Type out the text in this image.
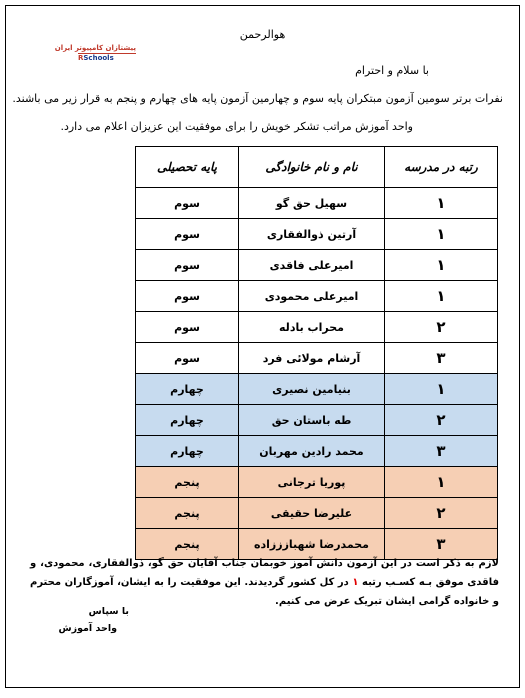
هوالرحمن
پیشتازان کامپیوتر ایران
RSchools
با سلام و احترام
نفرات برتر سومین آزمون مبتکران پایه سوم و چهارمین آزمون پایه های چهارم و پنجم به قرار زیر می باشند.
واحد آموزش مراتب تشکر خویش را برای موفقیت این عزیزان اعلام می دارد.
رتبه در مدرسه	نام و نام خانوادگی	پایه تحصیلی
۱	سهیل حق گو	سوم
۱	آرتین ذوالفقاری	سوم
۱	امیرعلی فاقدی	سوم
۱	امیرعلی محمودی	سوم
۲	محراب بادله	سوم
۳	آرشام مولائی فرد	سوم
۱	بنیامین نصیری	چهارم
۲	طه باستان حق	چهارم
۳	محمد رادین مهربان	چهارم
۱	پوریا ترجانی	پنجم
۲	علیرضا حقیقی	پنجم
۳	محمدرضا شهبازززاده	پنجم
لازم به ذکر است در این آزمون دانش آموز خوبمان جناب آقایان حق گو، ذوالفقاری، محمودی، و فاقدی موفق بـه کسـب رتبه ۱ در کل کشور گردیدند. این موفقیت را به ایشان، آموزگاران محترم و خانواده گرامی ایشان تبریک عرض می کنیم.
با سپاس
واحد آموزش
